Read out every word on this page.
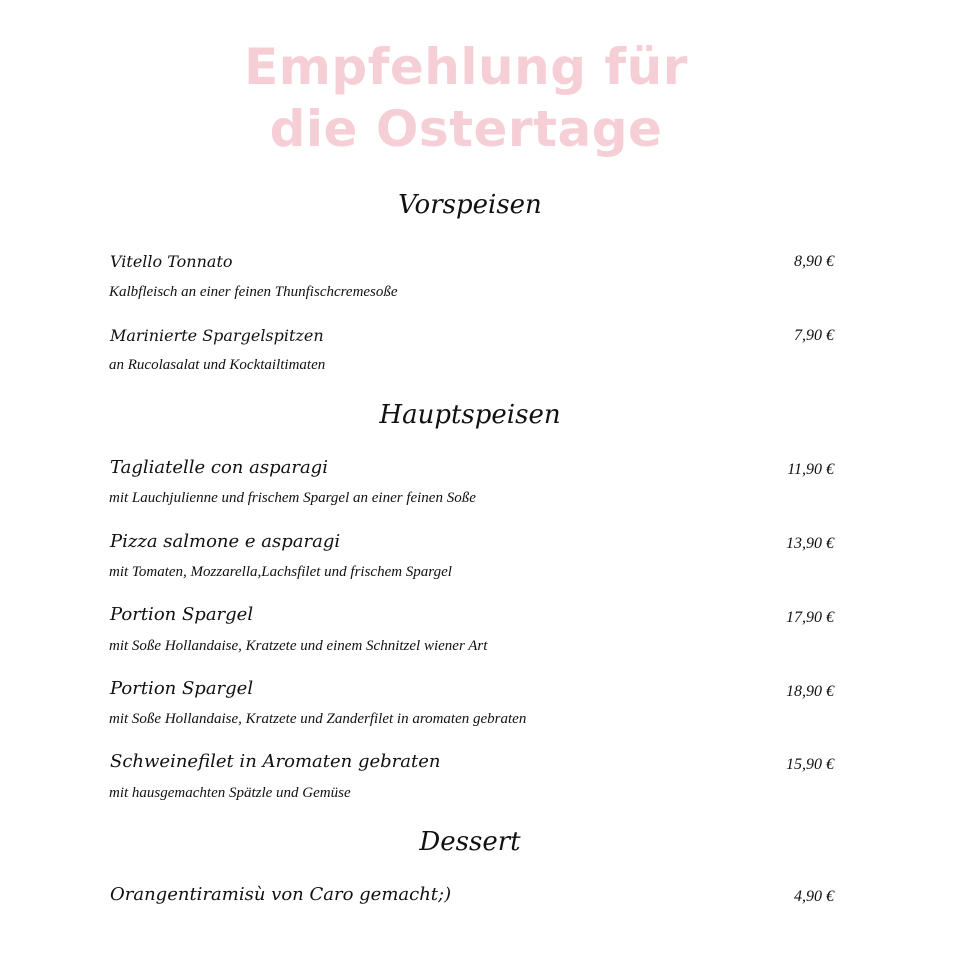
Empfehlung für
die Ostertage
Vorspeisen
Vitello Tonnato	8,90 €
Kalbfleisch an einer feinen Thunfischcremesoße
Marinierte Spargelspitzen	7,90 €
an Rucolasalat und Kocktailtimaten
Hauptspeisen
Tagliatelle con asparagi	11,90 €
mit Lauchjulienne und frischem Spargel an einer feinen Soße
Pizza salmone e asparagi	13,90 €
mit Tomaten, Mozzarella,Lachsfilet und frischem Spargel
Portion Spargel	17,90 €
mit Soße Hollandaise, Kratzete und einem Schnitzel wiener Art
Portion Spargel	18,90 €
mit Soße Hollandaise, Kratzete und Zanderfilet in aromaten gebraten
Schweinefilet in Aromaten gebraten	15,90 €
mit hausgemachten Spätzle und Gemüse
Dessert
Orangentiramisù von Caro gemacht;)	4,90 €
